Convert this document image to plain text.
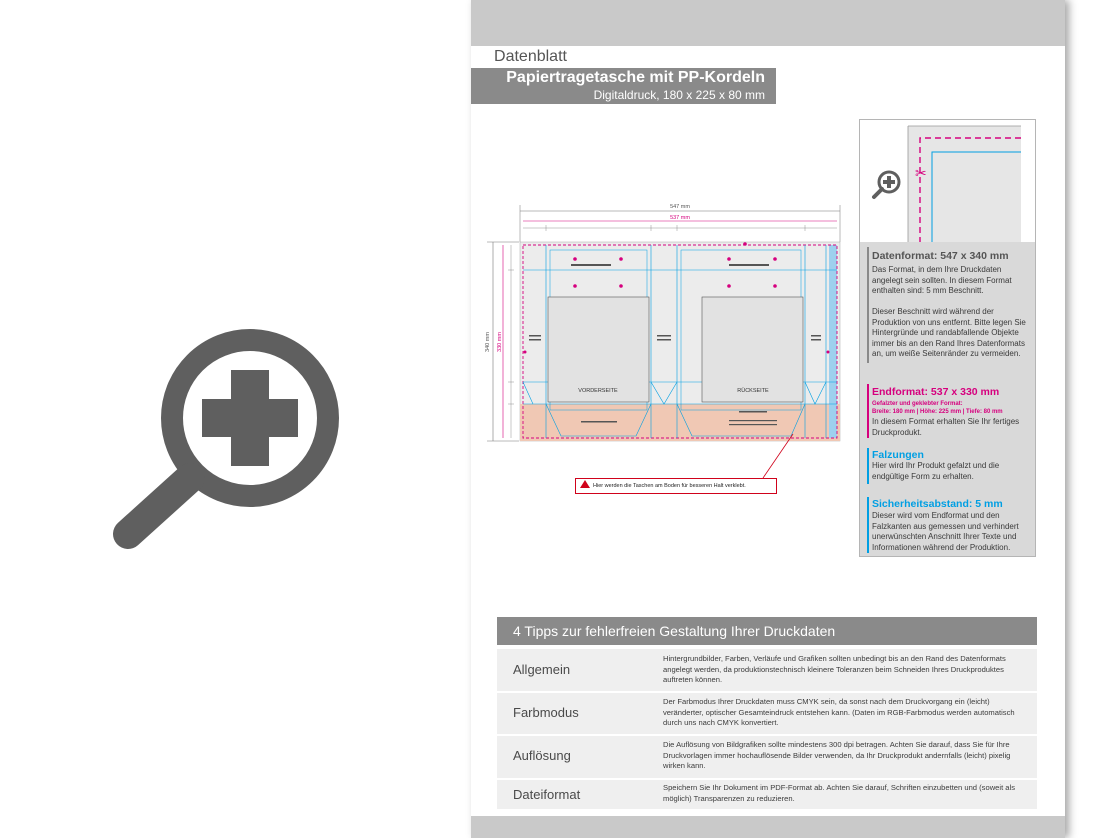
Datenblatt
Papiertragetasche mit PP-Kordeln
Digitaldruck, 180 x 225 x 80 mm
547 mm
537 mm
340 mm 330 mm
VORDERSEITE	RÜCKSEITE
Hier werden die Taschen am Boden für besseren Halt verklebt.
✂
Datenformat: 547 x 340 mm
Das Format, in dem Ihre Druckdaten angelegt sein sollten. In diesem Format enthalten sind: 5 mm Beschnitt.
Dieser Beschnitt wird während der Produktion von uns entfernt. Bitte legen Sie Hintergründe und randabfallende Objekte immer bis an den Rand Ihres Datenformats an, um weiße Seitenränder zu vermeiden.
Endformat: 537 x 330 mm
Gefalzter und geklebter Format:
Breite: 180 mm | Höhe: 225 mm | Tiefe: 80 mm
In diesem Format erhalten Sie Ihr fertiges Druckprodukt.
Falzungen
Hier wird Ihr Produkt gefalzt und die endgültige Form zu erhalten.
Sicherheitsabstand: 5 mm
Dieser wird vom Endformat und den Falzkanten aus gemessen und verhindert unerwünschten Anschnitt Ihrer Texte und Informationen während der Produktion.
4 Tipps zur fehlerfreien Gestaltung Ihrer Druckdaten
Allgemein
Hintergrundbilder, Farben, Verläufe und Grafiken sollten unbedingt bis an den Rand des Datenformats angelegt werden, da produktionstechnisch kleinere Toleranzen beim Schneiden Ihres Druckproduktes auftreten können.
Farbmodus
Der Farbmodus Ihrer Druckdaten muss CMYK sein, da sonst nach dem Druckvorgang ein (leicht) veränderter, optischer Gesamteindruck entstehen kann. (Daten im RGB-Farbmodus werden automatisch durch uns nach CMYK konvertiert.
Auflösung
Die Auflösung von Bildgrafiken sollte mindestens 300 dpi betragen. Achten Sie darauf, dass Sie für Ihre Druckvorlagen immer hochauflösende Bilder verwenden, da Ihr Druckprodukt andernfalls (leicht) pixelig wirken kann.
Dateiformat	Speichern Sie Ihr Dokument im PDF-Format ab. Achten Sie darauf, Schriften einzubetten und (soweit als möglich) Transparenzen zu reduzieren.
